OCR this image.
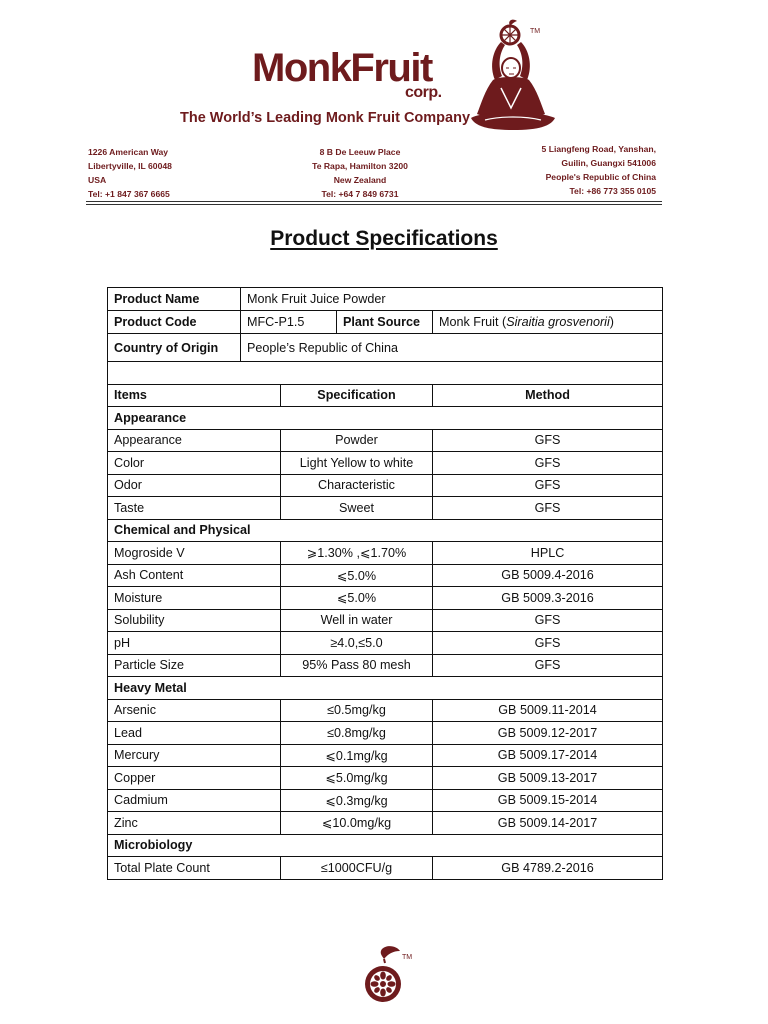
MonkFruit
corp.
The World’s Leading Monk Fruit Company
TM
1226 American Way
Libertyville, IL 60048
USA
Tel: +1 847 367 6665
8 B De Leeuw Place
Te Rapa, Hamilton 3200
New Zealand
Tel: +64 7 849 6731
5 Liangfeng Road, Yanshan,
Guilin, Guangxi 541006
People's Republic of China
Tel: +86 773 355 0105
Product Specifications
Product Name	Monk Fruit Juice Powder			
Product Code	MFC-P1.5		Plant Source	Monk Fruit (Siraitia grosvenorii)
Country of Origin	People’s Republic of China			

Items		Specification		Method
Appearance				
Appearance		Powder		GFS
Color		Light Yellow to white		GFS
Odor		Characteristic		GFS
Taste		Sweet		GFS
Chemical and Physical				
Mogroside V		⩾1.30% ,⩽1.70%		HPLC
Ash Content		⩽5.0%		GB 5009.4-2016
Moisture		⩽5.0%		GB 5009.3-2016
Solubility		Well in water		GFS
pH		≥4.0,≤5.0		GFS
Particle Size		95% Pass 80 mesh		GFS
Heavy Metal				
Arsenic		≤0.5mg/kg		GB 5009.11-2014
Lead		≤0.8mg/kg		GB 5009.12-2017
Mercury		⩽0.1mg/kg		GB 5009.17-2014
Copper		⩽5.0mg/kg		GB 5009.13-2017
Cadmium		⩽0.3mg/kg		GB 5009.15-2014
Zinc		⩽10.0mg/kg		GB 5009.14-2017
Microbiology				
Total Plate Count		≤1000CFU/g		GB 4789.2-2016
TM
